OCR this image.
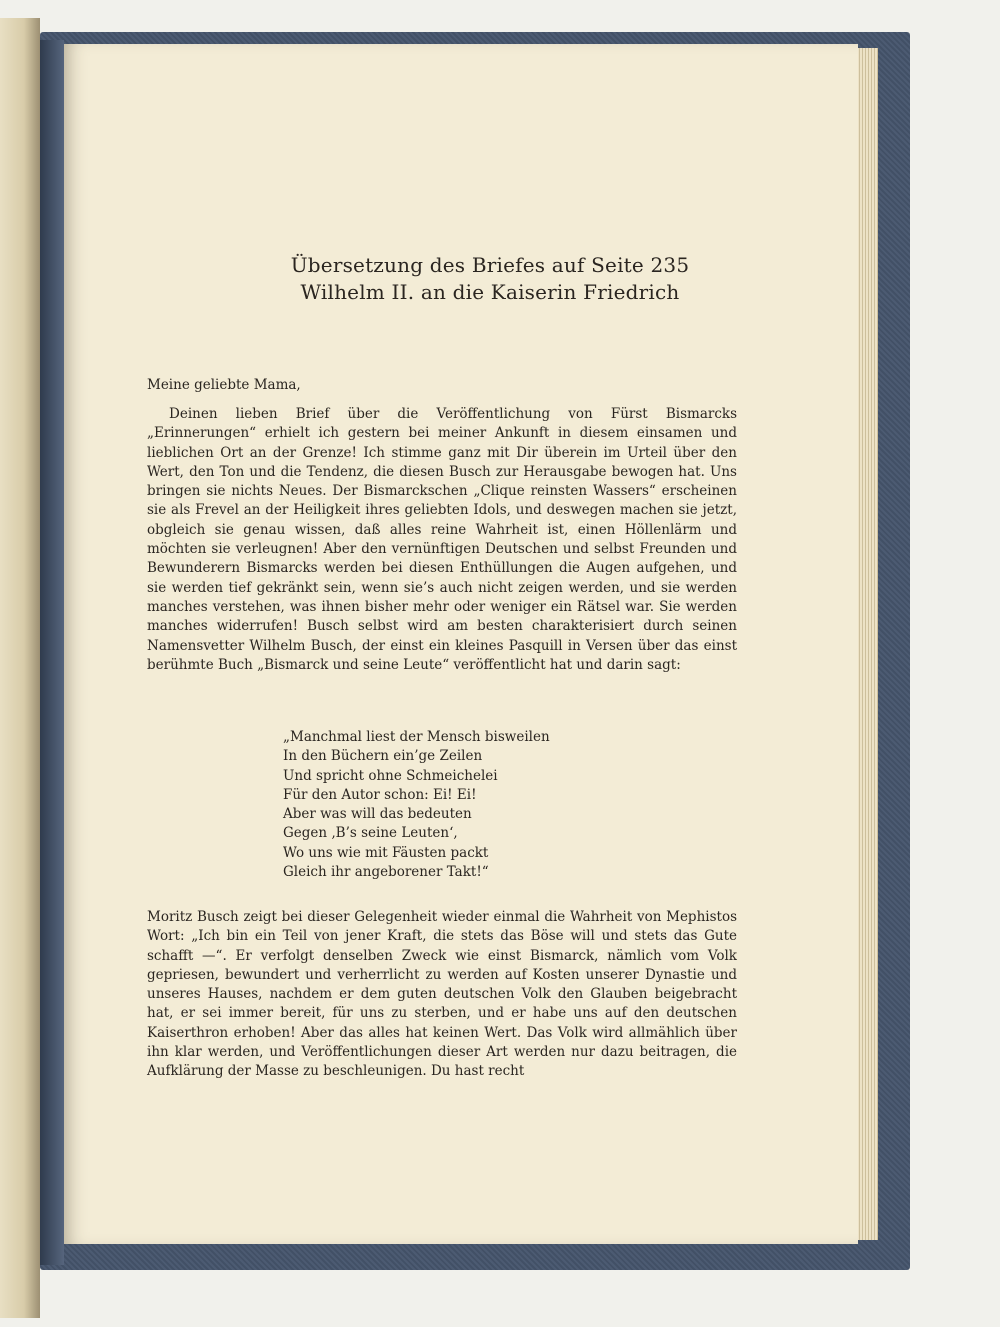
Übersetzung des Briefes auf Seite 235
Wilhelm II. an die Kaiserin Friedrich

Meine geliebte Mama,

Deinen lieben Brief über die Veröffentlichung von Fürst Bismarcks „Erinnerungen“ erhielt ich gestern bei meiner Ankunft in diesem einsamen und lieblichen Ort an der Grenze! Ich stimme ganz mit Dir überein im Urteil über den Wert, den Ton und die Tendenz, die diesen Busch zur Herausgabe bewogen hat. Uns bringen sie nichts Neues. Der Bismarckschen „Clique reinsten Wassers“ erscheinen sie als Frevel an der Heiligkeit ihres geliebten Idols, und deswegen machen sie jetzt, obgleich sie genau wissen, daß alles reine Wahrheit ist, einen Höllenlärm und möchten sie verleugnen! Aber den vernünftigen Deutschen und selbst Freunden und Bewunderern Bismarcks werden bei diesen Enthüllungen die Augen aufgehen, und sie werden tief gekränkt sein, wenn sie’s auch nicht zeigen werden, und sie werden manches verstehen, was ihnen bisher mehr oder weniger ein Rätsel war. Sie werden manches widerrufen! Busch selbst wird am besten charakterisiert durch seinen Namensvetter Wilhelm Busch, der einst ein kleines Pasquill in Versen über das einst berühmte Buch „Bismarck und seine Leute“ veröffentlicht hat und darin sagt:

„Manchmal liest der Mensch bisweilen
In den Büchern ein’ge Zeilen
Und spricht ohne Schmeichelei
Für den Autor schon: Ei! Ei!
Aber was will das bedeuten
Gegen ‚B’s seine Leuten‘,
Wo uns wie mit Fäusten packt
Gleich ihr angeborener Takt!“

Moritz Busch zeigt bei dieser Gelegenheit wieder einmal die Wahrheit von Mephistos Wort: „Ich bin ein Teil von jener Kraft, die stets das Böse will und stets das Gute schafft —“. Er verfolgt denselben Zweck wie einst Bismarck, nämlich vom Volk gepriesen, bewundert und verherrlicht zu werden auf Kosten unserer Dynastie und unseres Hauses, nachdem er dem guten deutschen Volk den Glauben beigebracht hat, er sei immer bereit, für uns zu sterben, und er habe uns auf den deutschen Kaiserthron erhoben! Aber das alles hat keinen Wert. Das Volk wird allmählich über ihn klar werden, und Veröffentlichungen dieser Art werden nur dazu beitragen, die Aufklärung der Masse zu beschleunigen. Du hast recht
